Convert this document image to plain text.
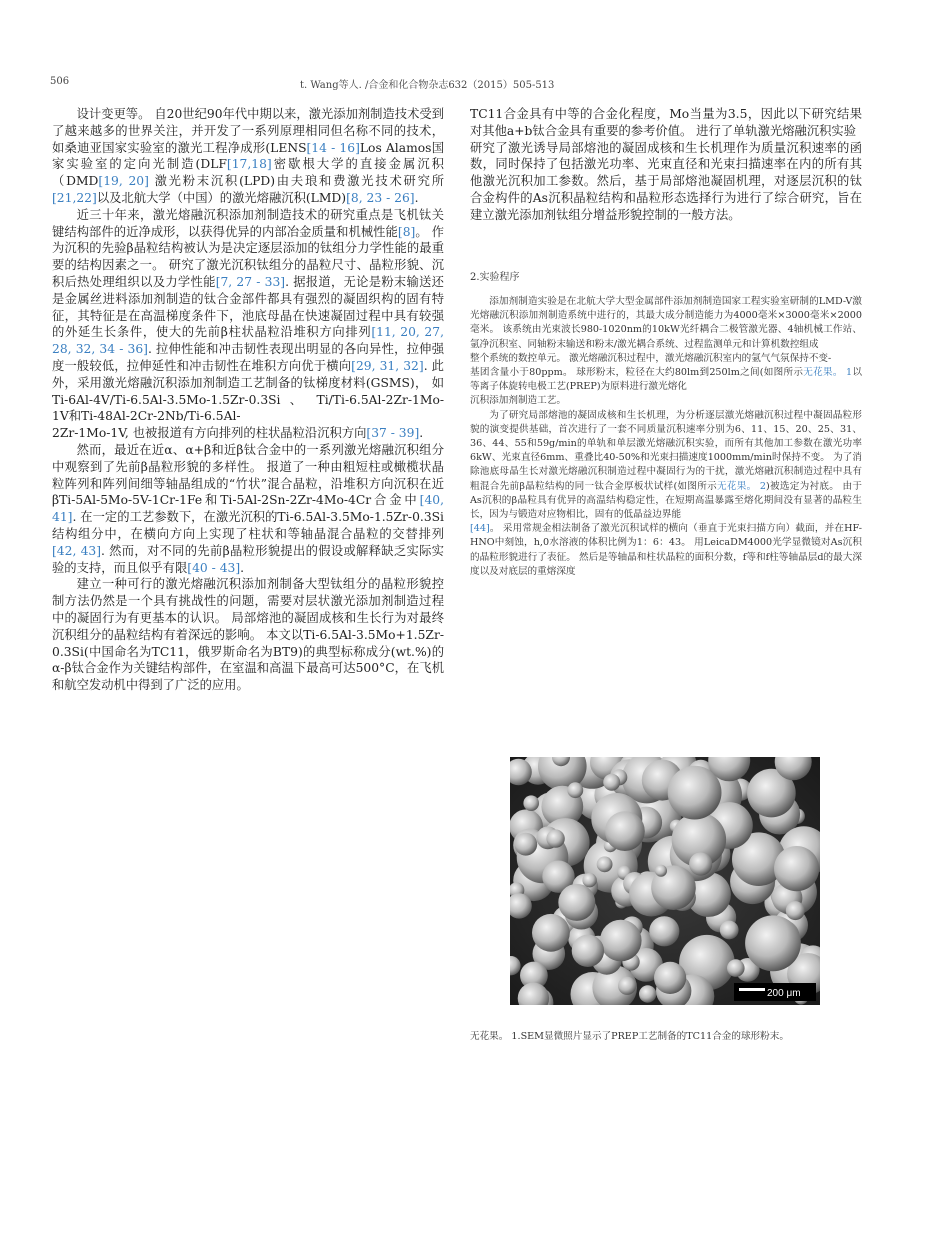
506	t. Wang等人. /合金和化合物杂志632（2015）505-513

设计变更等。 自20世纪90年代中期以来，激光添加剂制造技术受到了越来越多的世界关注，并开发了一系列原理相同但名称不同的技术， 如桑迪亚国家实验室的激光工程净成形(LENS[14 - 16]Los Alamos国家实验室的定向光制造(DLF[17,18]密歇根大学的直接金属沉积（DMD[19, 20] 激光粉末沉积(LPD)由夫琅和费激光技术研究所[21,22]以及北航大学（中国）的激光熔融沉积(LMD)[8, 23 - 26].

近三十年来，激光熔融沉积添加剂制造技术的研究重点是飞机钛关键结构部件的近净成形，以获得优异的内部冶金质量和机械性能[8]。 作为沉积的先验β晶粒结构被认为是决定逐层添加的钛组分力学性能的最重要的结构因素之一。 研究了激光沉积钛组分的晶粒尺寸、晶粒形貌、沉积后热处理组织以及力学性能[7, 27 - 33]. 据报道，无论是粉末输送还是金属丝进料添加剂制造的钛合金部件都具有强烈的凝固织构的固有特征，其特征是在高温梯度条件下，池底母晶在快速凝固过程中具有较强的外延生长条件，使大的先前β柱状晶粒沿堆积方向排列[11, 20, 27, 28, 32, 34 - 36]. 拉伸性能和冲击韧性表现出明显的各向异性，拉伸强度一般较低，拉伸延性和冲击韧性在堆积方向优于横向[29, 31, 32]. 此外，采用激光熔融沉积添加剂制造工艺制备的钛梯度材料(GSMS)， 如Ti-6Al-4V/Ti-6.5Al-3.5Mo-1.5Zr-0.3Si 、 Ti/Ti-6.5Al-2Zr-1Mo-1V和Ti-48Al-2Cr-2Nb/Ti-6.5Al-

2Zr-1Mo-1V, 也被报道有方向排列的柱状晶粒沿沉积方向[37 - 39].

然而，最近在近α、α+β和近β钛合金中的一系列激光熔融沉积组分中观察到了先前β晶粒形貌的多样性。 报道了一种由粗短柱或橄榄状晶粒阵列和阵列间细等轴晶组成的“竹状”混合晶粒，沿堆积方向沉积在近βTi-5Al-5Mo-5V-1Cr-1Fe和Ti-5Al-2Sn-2Zr-4Mo-4Cr合金中[40, 41]. 在一定的工艺参数下，在激光沉积的Ti-6.5Al-3.5Mo-1.5Zr-0.3Si结构组分中，在横向方向上实现了柱状和等轴晶混合晶粒的交替排列[42, 43]. 然而，对不同的先前β晶粒形貌提出的假设或解释缺乏实际实验的支持，而且似乎有限[40 - 43].

建立一种可行的激光熔融沉积添加剂制备大型钛组分的晶粒形貌控制方法仍然是一个具有挑战性的问题，需要对层状激光添加剂制造过程中的凝固行为有更基本的认识。 局部熔池的凝固成核和生长行为对最终沉积组分的晶粒结构有着深远的影响。 本文以Ti-6.5Al-3.5Mo+1.5Zr-0.3Si(中国命名为TC11，俄罗斯命名为BT9)的典型标称成分(wt.%)的α-β钛合金作为关键结构部件，在室温和高温下最高可达500°C，在飞机和航空发动机中得到了广泛的应用。

TC11合金具有中等的合金化程度，Mo当量为3.5，因此以下研究结果对其他a+b钛合金具有重要的参考价值。 进行了单轨激光熔融沉积实验

研究了激光诱导局部熔池的凝固成核和生长机理作为质量沉积速率的函数，同时保持了包括激光功率、光束直径和光束扫描速率在内的所有其他激光沉积加工参数。然后，基于局部熔池凝固机理，对逐层沉积的钛合金构件的As沉积晶粒结构和晶粒形态选择行为进行了综合研究，旨在建立激光添加剂钛组分增益形貌控制的一般方法。

2.实验程序

添加剂制造实验是在北航大学大型金属部件添加剂制造国家工程实验室研制的LMD-V激光熔融沉积添加剂制造系统中进行的，其最大成分制造能力为4000毫米×3000毫米×2000毫米。 该系统由光束波长980-1020nm的10kW光纤耦合二极管激光器、4轴机械工作站、氩净沉积室、同轴粉末输送和粉末/激光耦合系统、过程监测单元和计算机数控组成

整个系统的数控单元。 激光熔融沉积过程中，激光熔融沉积室内的氩气气氛保持不变-

基团含量小于80ppm。 球形粉末，粒径在大约80lm到250lm之间(如图所示无花果。 1以等离子体旋转电极工艺(PREP)为原料进行激光熔化

沉积添加剂制造工艺。

为了研究局部熔池的凝固成核和生长机理，为分析逐层激光熔融沉积过程中凝固晶粒形貌的演变提供基础，首次进行了一套不同质量沉积速率分别为6、11、15、20、25、31、36、44、55和59g/min的单轨和单层激光熔融沉积实验，而所有其他加工参数在激光功率6kW、光束直径6mm、重叠比40-50%和光束扫描速度1000mm/min时保持不变。 为了消除池底母晶生长对激光熔融沉积制造过程中凝固行为的干扰，激光熔融沉积制造过程中具有粗混合先前β晶粒结构的同一钛合金厚板状试样(如图所示无花果。 2)被选定为衬底。 由于As沉积的β晶粒具有优异的高温结构稳定性，在短期高温暴露至熔化期间没有显著的晶粒生长，因为与锻造对应物相比，固有的低晶益边界能

[44]。 采用常规金相法制备了激光沉积试样的横向（垂直于光束扫描方向）截面，并在HF-HNO中刻蚀，h,0水溶液的体积比例为1：6：43。 用LeicaDM4000光学显微镜对As沉积的晶粒形貌进行了表征。 然后是等轴晶和柱状晶粒的面积分数，f等和f柱等轴晶层d的最大深度以及对底层的重熔深度

200 μm
无花果。 1.SEM显微照片显示了PREP工艺制备的TC11合金的球形粉末。
